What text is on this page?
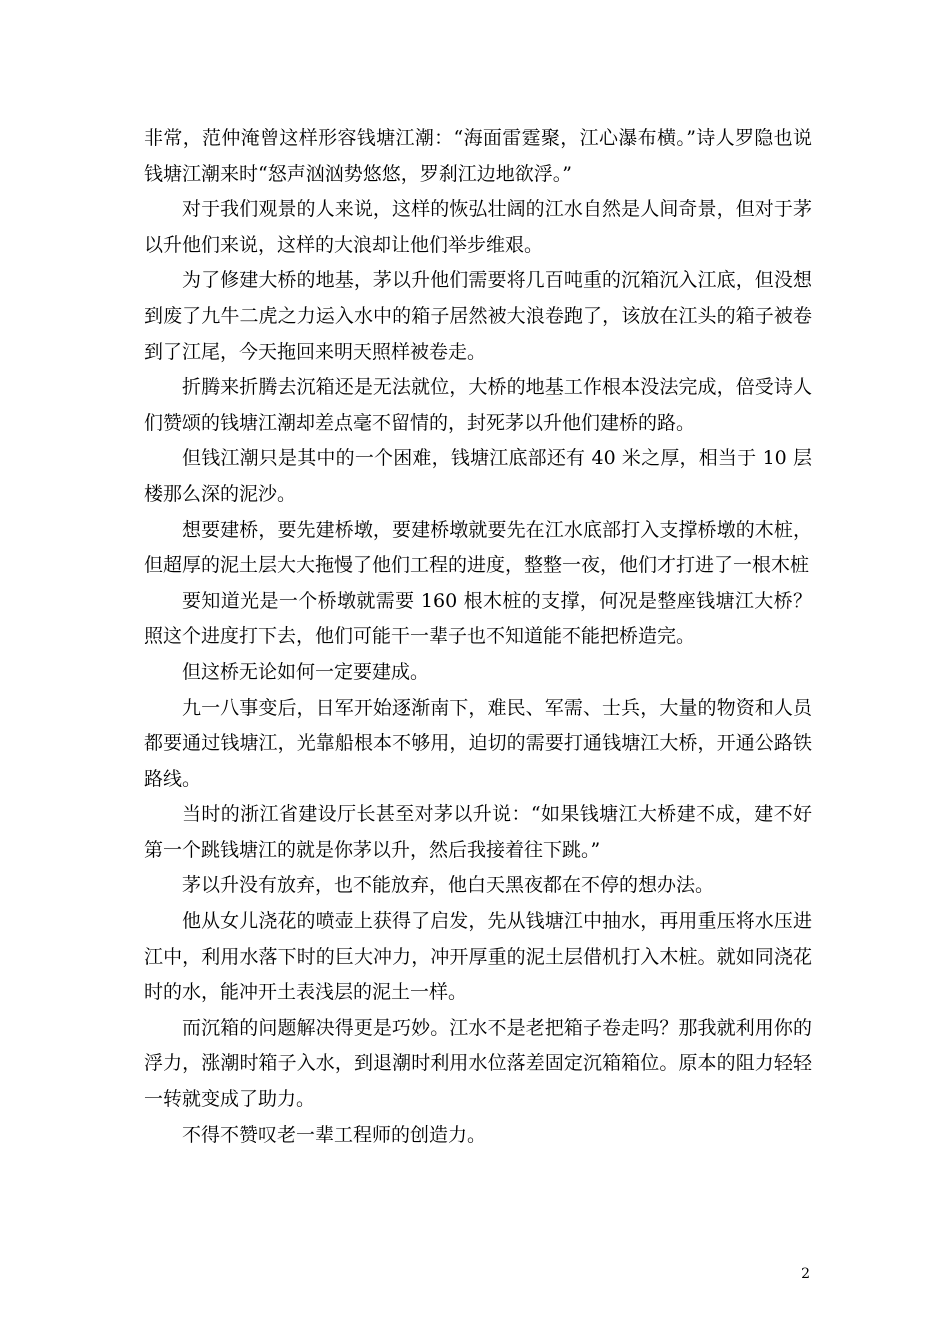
非常，范仲淹曾这样形容钱塘江潮：“海面雷霆聚，江心瀑布横。”诗人罗隐也说钱塘江潮来时“怒声汹汹势悠悠，罗刹江边地欲浮。”

对于我们观景的人来说，这样的恢弘壮阔的江水自然是人间奇景，但对于茅以升他们来说，这样的大浪却让他们举步维艰。

为了修建大桥的地基，茅以升他们需要将几百吨重的沉箱沉入江底，但没想到废了九牛二虎之力运入水中的箱子居然被大浪卷跑了，该放在江头的箱子被卷到了江尾，今天拖回来明天照样被卷走。

折腾来折腾去沉箱还是无法就位，大桥的地基工作根本没法完成，倍受诗人们赞颂的钱塘江潮却差点毫不留情的，封死茅以升他们建桥的路。

但钱江潮只是其中的一个困难，钱塘江底部还有 40 米之厚，相当于 10 层楼那么深的泥沙。

想要建桥，要先建桥墩，要建桥墩就要先在江水底部打入支撑桥墩的木桩，但超厚的泥土层大大拖慢了他们工程的进度，整整一夜，他们才打进了一根木桩

要知道光是一个桥墩就需要 160 根木桩的支撑，何况是整座钱塘江大桥？照这个进度打下去，他们可能干一辈子也不知道能不能把桥造完。

但这桥无论如何一定要建成。

九一八事变后，日军开始逐渐南下，难民、军需、士兵，大量的物资和人员都要通过钱塘江，光靠船根本不够用，迫切的需要打通钱塘江大桥，开通公路铁路线。

当时的浙江省建设厅长甚至对茅以升说：“如果钱塘江大桥建不成，建不好第一个跳钱塘江的就是你茅以升，然后我接着往下跳。”

茅以升没有放弃，也不能放弃，他白天黑夜都在不停的想办法。

他从女儿浇花的喷壶上获得了启发，先从钱塘江中抽水，再用重压将水压进江中，利用水落下时的巨大冲力，冲开厚重的泥土层借机打入木桩。就如同浇花时的水，能冲开土表浅层的泥土一样。

而沉箱的问题解决得更是巧妙。江水不是老把箱子卷走吗？那我就利用你的浮力，涨潮时箱子入水，到退潮时利用水位落差固定沉箱箱位。原本的阻力轻轻一转就变成了助力。

不得不赞叹老一辈工程师的创造力。

2
